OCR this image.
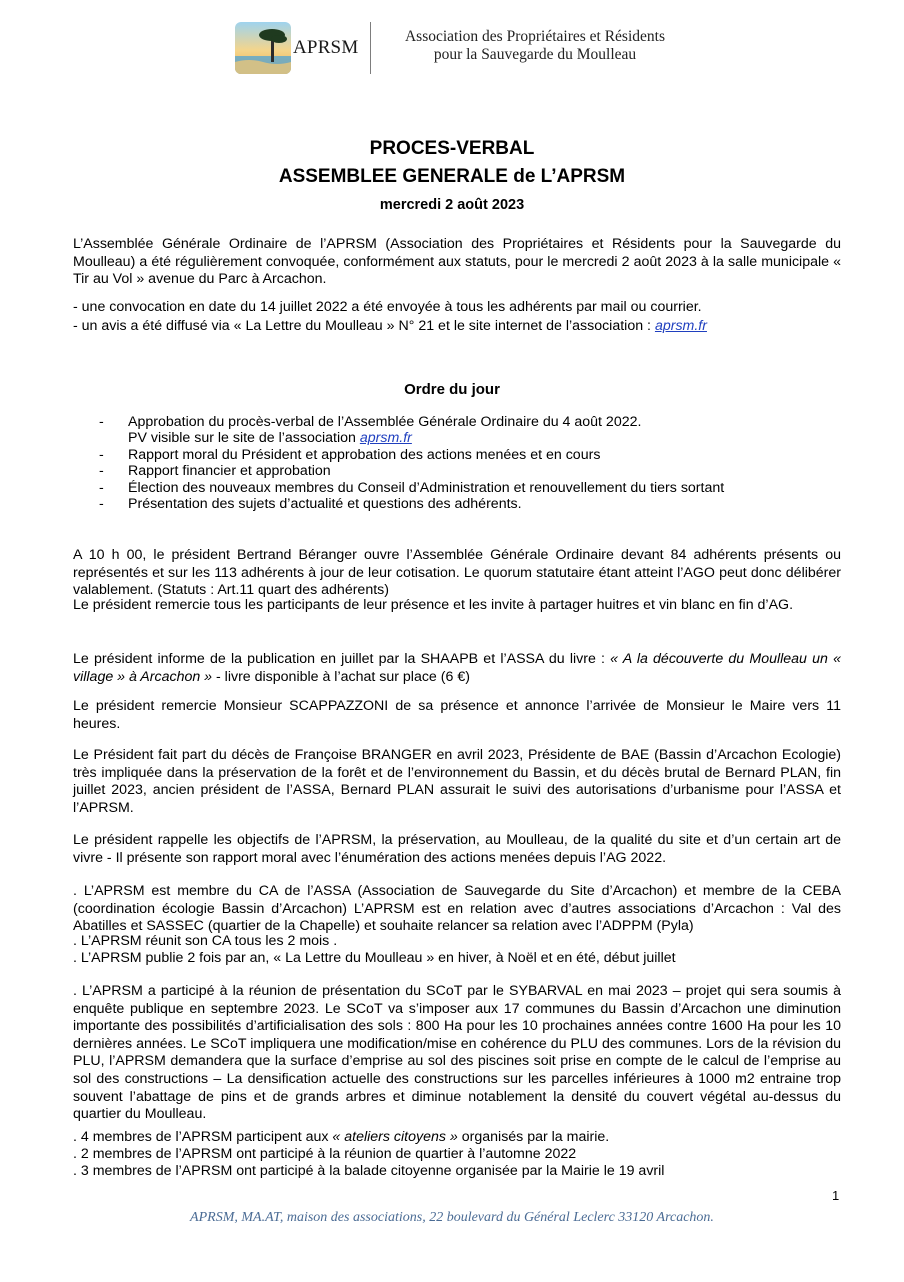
APRSM
Association des Propriétaires et Résidents
pour la Sauvegarde du Moulleau
PROCES-VERBAL
ASSEMBLEE GENERALE de L’APRSM
mercredi 2 août 2023
L’Assemblée Générale Ordinaire de l’APRSM (Association des Propriétaires et Résidents pour la Sauvegarde du Moulleau) a été régulièrement convoquée, conformément aux statuts, pour le mercredi 2 août 2023 à la salle municipale « Tir au Vol » avenue du Parc à Arcachon.
- une convocation en date du 14 juillet 2022 a été envoyée à tous les adhérents par mail ou courrier.
- un avis a été diffusé via « La Lettre du Moulleau » N° 21 et le site internet de l’association : aprsm.fr
Ordre du jour
- Approbation du procès-verbal de l’Assemblée Générale Ordinaire du 4 août 2022.
PV visible sur le site de l’association aprsm.fr
- Rapport moral du Président et approbation des actions menées et en cours
- Rapport financier et approbation
- Élection des nouveaux membres du Conseil d’Administration et renouvellement du tiers sortant
- Présentation des sujets d’actualité et questions des adhérents.
A 10 h 00, le président Bertrand Béranger ouvre l’Assemblée Générale Ordinaire devant 84 adhérents présents ou représentés et sur les 113 adhérents à jour de leur cotisation. Le quorum statutaire étant atteint l’AGO peut donc délibérer valablement. (Statuts : Art.11 quart des adhérents)
Le président remercie tous les participants de leur présence et les invite à partager huitres et vin blanc en fin d’AG.
Le président informe de la publication en juillet par la SHAAPB et l’ASSA du livre : « A la découverte du Moulleau un « village » à Arcachon » - livre disponible à l’achat sur place (6 €)
Le président remercie Monsieur SCAPPAZZONI de sa présence et annonce l’arrivée de Monsieur le Maire vers 11 heures.
Le Président fait part du décès de Françoise BRANGER en avril 2023, Présidente de BAE (Bassin d’Arcachon Ecologie) très impliquée dans la préservation de la forêt et de l’environnement du Bassin, et du décès brutal de Bernard PLAN, fin juillet 2023, ancien président de l’ASSA, Bernard PLAN assurait le suivi des autorisations d’urbanisme pour l’ASSA et l’APRSM.
Le président rappelle les objectifs de l’APRSM, la préservation, au Moulleau, de la qualité du site et d’un certain art de vivre - Il présente son rapport moral avec l’énumération des actions menées depuis l’AG 2022.
. L’APRSM est membre du CA de l’ASSA (Association de Sauvegarde du Site d’Arcachon) et membre de la CEBA (coordination écologie Bassin d’Arcachon) L’APRSM est en relation avec d’autres associations d’Arcachon : Val des Abatilles et SASSEC (quartier de la Chapelle) et souhaite relancer sa relation avec l’ADPPM (Pyla)
. L’APRSM réunit son CA tous les 2 mois .
. L’APRSM publie 2 fois par an, « La Lettre du Moulleau » en hiver, à Noël et en été, début juillet
. L’APRSM a participé à la réunion de présentation du SCoT par le SYBARVAL en mai 2023 – projet qui sera soumis à enquête publique en septembre 2023. Le SCoT va s’imposer aux 17 communes du Bassin d’Arcachon une diminution importante des possibilités d’artificialisation des sols : 800 Ha pour les 10 prochaines années contre 1600 Ha pour les 10 dernières années. Le SCoT impliquera une modification/mise en cohérence du PLU des communes. Lors de la révision du PLU, l’APRSM demandera que la surface d’emprise au sol des piscines soit prise en compte de le calcul de l’emprise au sol des constructions – La densification actuelle des constructions sur les parcelles inférieures à 1000 m2 entraine trop souvent l’abattage de pins et de grands arbres et diminue notablement la densité du couvert végétal au-dessus du quartier du Moulleau.
. 4 membres de l’APRSM participent aux « ateliers citoyens » organisés par la mairie.
. 2 membres de l’APRSM ont participé à la réunion de quartier à l’automne 2022
. 3 membres de l’APRSM ont participé à la balade citoyenne organisée par la Mairie le 19 avril
1
APRSM, MA.AT, maison des associations, 22 boulevard du Général Leclerc 33120 Arcachon.
